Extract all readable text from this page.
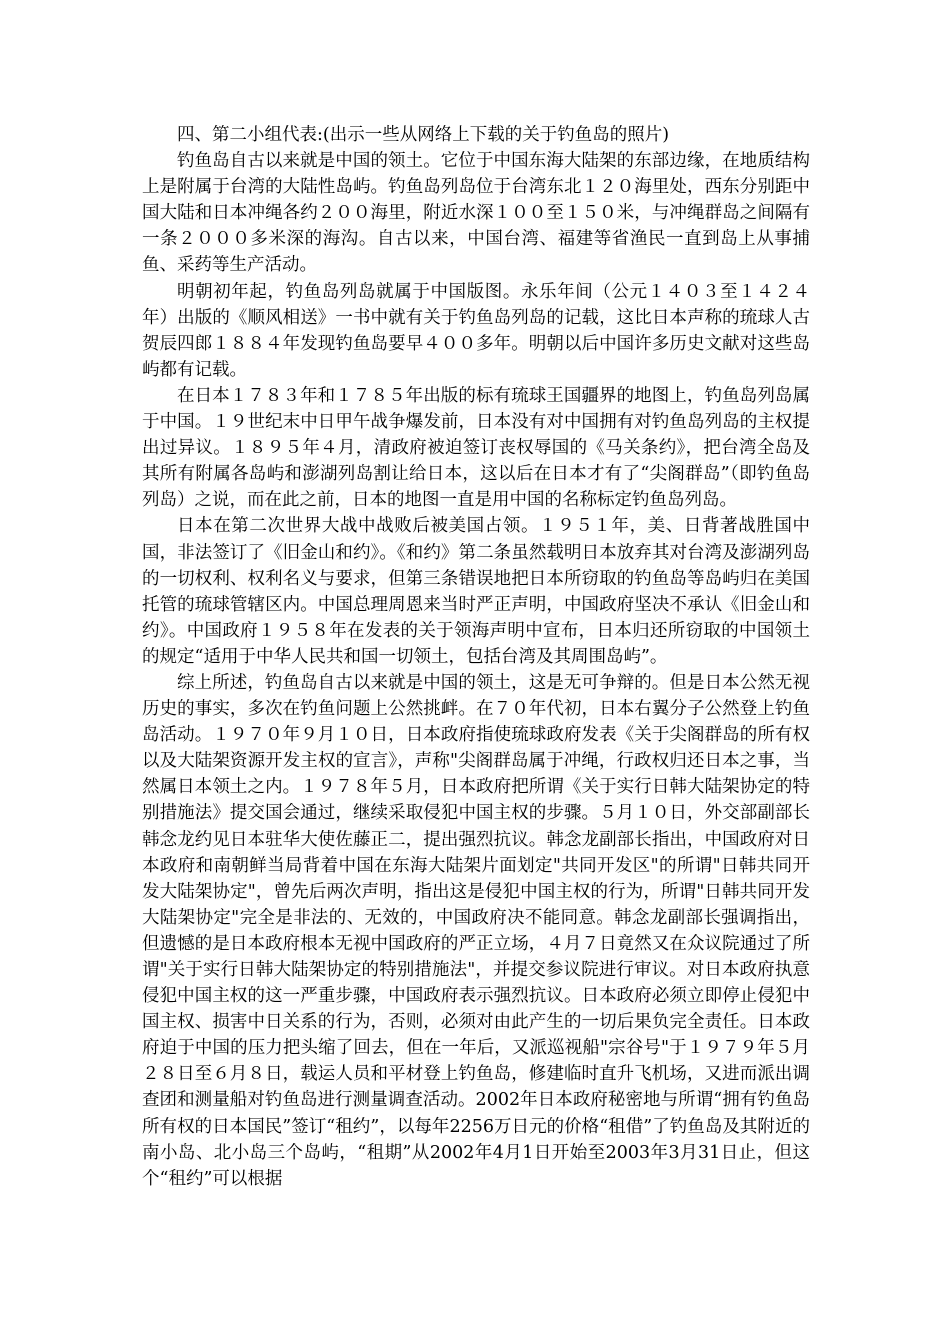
四、第二小组代表:(出示一些从网络上下载的关于钓鱼岛的照片)

钓鱼岛自古以来就是中国的领土。它位于中国东海大陆架的东部边缘，在地质结构上是附属于台湾的大陆性岛屿。钓鱼岛列岛位于台湾东北１２０海里处，西东分别距中国大陆和日本冲绳各约２００海里，附近水深１００至１５０米，与冲绳群岛之间隔有一条２０００多米深的海沟。自古以来，中国台湾、福建等省渔民一直到岛上从事捕鱼、采药等生产活动。

明朝初年起，钓鱼岛列岛就属于中国版图。永乐年间（公元１４０３至１４２４年）出版的《顺风相送》一书中就有关于钓鱼岛列岛的记载，这比日本声称的琉球人古贺辰四郎１８８４年发现钓鱼岛要早４００多年。明朝以后中国许多历史文献对这些岛屿都有记载。

在日本１７８３年和１７８５年出版的标有琉球王国疆界的地图上，钓鱼岛列岛属于中国。１９世纪末中日甲午战争爆发前，日本没有对中国拥有对钓鱼岛列岛的主权提出过异议。１８９５年４月，清政府被迫签订丧权辱国的《马关条约》，把台湾全岛及其所有附属各岛屿和澎湖列岛割让给日本，这以后在日本才有了“尖阁群岛”（即钓鱼岛列岛）之说，而在此之前，日本的地图一直是用中国的名称标定钓鱼岛列岛。

日本在第二次世界大战中战败后被美国占领。１９５１年，美、日背著战胜国中国，非法签订了《旧金山和约》。《和约》第二条虽然载明日本放弃其对台湾及澎湖列岛的一切权利、权利名义与要求，但第三条错误地把日本所窃取的钓鱼岛等岛屿归在美国托管的琉球管辖区内。中国总理周恩来当时严正声明，中国政府坚决不承认《旧金山和约》。中国政府１９５８年在发表的关于领海声明中宣布，日本归还所窃取的中国领土的规定“适用于中华人民共和国一切领土，包括台湾及其周围岛屿”。

综上所述，钓鱼岛自古以来就是中国的领土，这是无可争辩的。但是日本公然无视历史的事实，多次在钓鱼问题上公然挑衅。在７０年代初，日本右翼分子公然登上钓鱼岛活动。１９７０年９月１０日，日本政府指使琉球政府发表《关于尖阁群岛的所有权以及大陆架资源开发主权的宣言》，声称"尖阁群岛属于冲绳，行政权归还日本之事，当然属日本领土之内。１９７８年５月，日本政府把所谓《关于实行日韩大陆架协定的特别措施法》提交国会通过，继续采取侵犯中国主权的步骤。５月１０日，外交部副部长韩念龙约见日本驻华大使佐藤正二，提出强烈抗议。韩念龙副部长指出，中国政府对日本政府和南朝鲜当局背着中国在东海大陆架片面划定"共同开发区"的所谓"日韩共同开发大陆架协定"，曾先后两次声明，指出这是侵犯中国主权的行为，所谓"日韩共同开发大陆架协定"完全是非法的、无效的，中国政府决不能同意。韩念龙副部长强调指出，但遗憾的是日本政府根本无视中国政府的严正立场，４月７日竟然又在众议院通过了所谓"关于实行日韩大陆架协定的特别措施法"，并提交参议院进行审议。对日本政府执意侵犯中国主权的这一严重步骤，中国政府表示强烈抗议。日本政府必须立即停止侵犯中国主权、损害中日关系的行为，否则，必须对由此产生的一切后果负完全责任。日本政府迫于中国的压力把头缩了回去，但在一年后，又派巡视船"宗谷号"于１９７９年５月２８日至６月８日，载运人员和平材登上钓鱼岛，修建临时直升飞机场，又进而派出调查团和测量船对钓鱼岛进行测量调查活动。2002年日本政府秘密地与所谓“拥有钓鱼岛所有权的日本国民”签订“租约”，以每年2256万日元的价格“租借”了钓鱼岛及其附近的南小岛、北小岛三个岛屿，“租期”从2002年4月1日开始至2003年3月31日止，但这个“租约”可以根据
